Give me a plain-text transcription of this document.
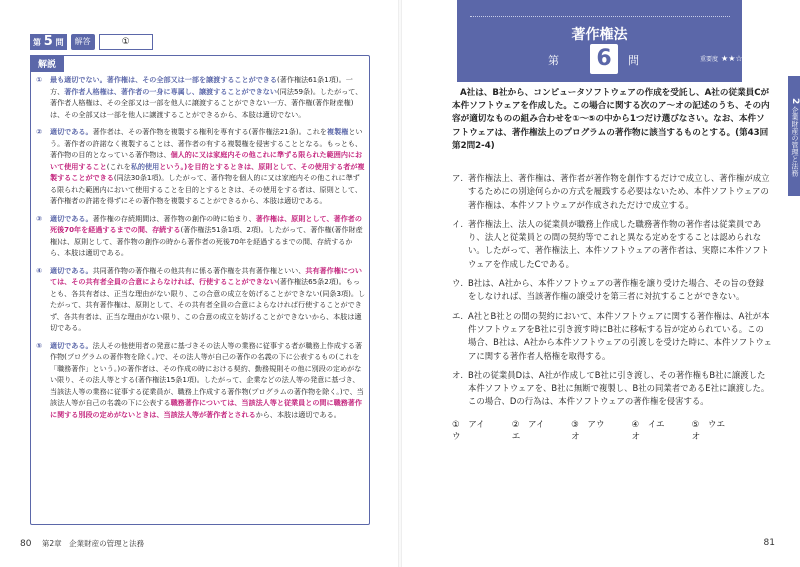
第 5 問	解答	①
解説
①	最も適切でない。著作権は、その全部又は一部を譲渡することができる(著作権法61条1項)。一方、著作者人格権は、著作者の一身に専属し、譲渡することができない(同法59条)。したがって、著作者人格権は、その全部又は一部を他人に譲渡することができない一方、著作権(著作財産権)は、その全部又は一部を他人に譲渡することができるから、本肢は適切でない。
②	適切である。著作者は、その著作物を複製する権利を専有する(著作権法21条)。これを複製権という。著作者の許諾なく複製することは、著作者の有する複製権を侵害することとなる。もっとも、著作物の目的となっている著作物は、個人的に又は家庭内その他これに準ずる限られた範囲内において使用すること(これを私的使用という。)を目的とするときは、原則として、その使用する者が複製することができる(同法30条1項)。したがって、著作物を個人的に又は家庭内その他これに準ずる限られた範囲内において使用することを目的とするときは、その使用をする者は、原則として、著作権者の許諾を得ずにその著作物を複製することができるから、本肢は適切である。
③	適切である。著作権の存続期間は、著作物の創作の時に始まり、著作権は、原則として、著作者の死後70年を経過するまでの間、存続する(著作権法51条1項、2項)。したがって、著作権(著作財産権)は、原則として、著作物の創作の時から著作者の死後70年を経過するまでの間、存続するから、本肢は適切である。
④	適切である。共同著作物の著作権その他共有に係る著作権を共有著作権といい、共有著作権については、その共有者全員の合意によらなければ、行使することができない(著作権法65条2項)。もっとも、各共有者は、正当な理由がない限り、この合意の成立を妨げることができない(同条3項)。したがって、共有著作権は、原則として、その共有者全員の合意によらなければ行使することができず、各共有者は、正当な理由がない限り、この合意の成立を妨げることができないから、本肢は適切である。
⑤	適切である。法人その他使用者の発意に基づきその法人等の業務に従事する者が職務上作成する著作物(プログラムの著作物を除く。)で、その法人等が自己の著作の名義の下に公表するもの(これを「職務著作」という。)の著作者は、その作成の時における契約、勤務規則その他に別段の定めがない限り、その法人等とする(著作権法15条1項)。したがって、企業などの法人等の発意に基づき、当該法人等の業務に従事する従業員が、職務上作成する著作物(プログラムの著作物を除く。)で、当該法人等が自己の名義の下に公表する職務著作については、当該法人等と従業員との間に職務著作に関する別段の定めがないときは、当該法人等が著作者とされるから、本肢は適切である。
80 第2章　企業財産の管理と法務
著作権法
第 6	問	重要度 ★★☆
2 企業財産の管理と法務
A社は、B社から、コンピュータソフトウェアの作成を受託し、A社の従業員Cが本件ソフトウェアを作成した。この場合に関する次のア〜オの記述のうち、その内容が適切なものの組み合わせを①〜⑤の中から1つだけ選びなさい。なお、本件ソフトウェアは、著作権法上のプログラムの著作物に該当するものとする。(第43回第2問2-4)
ア. 著作権法上、著作権は、著作者が著作物を創作するだけで成立し、著作権が成立するためにの別途何らかの方式を履践する必要はないため、本件ソフトウェアの著作権は、本件ソフトウェアが作成されただけで成立する。
イ. 著作権法上、法人の従業員が職務上作成した職務著作物の著作者は従業員であり、法人と従業員との間の契約等でこれと異なる定めをすることは認められない。したがって、著作権法上、本件ソフトウェアの著作者は、実際に本件ソフトウェアを作成したCである。
ウ. B社は、A社から、本件ソフトウェアの著作権を譲り受けた場合、その旨の登録をしなければ、当該著作権の譲受けを第三者に対抗することができない。
エ. A社とB社との間の契約において、本件ソフトウェアに関する著作権は、A社が本件ソフトウェアをB社に引き渡す時にB社に移転する旨が定められている。この場合、B社は、A社から本件ソフトウェアの引渡しを受けた時に、本件ソフトウェアに関する著作者人格権を取得する。
オ. B社の従業員Dは、A社が作成してB社に引き渡し、その著作権もB社に譲渡した本件ソフトウェアを、B社に無断で複製し、B社の同業者であるE社に譲渡した。この場合、Dの行為は、本件ソフトウェアの著作権を侵害する。
①　アイウ
②　アイエ
③　アウオ
④　イエオ
⑤　ウエオ
81
